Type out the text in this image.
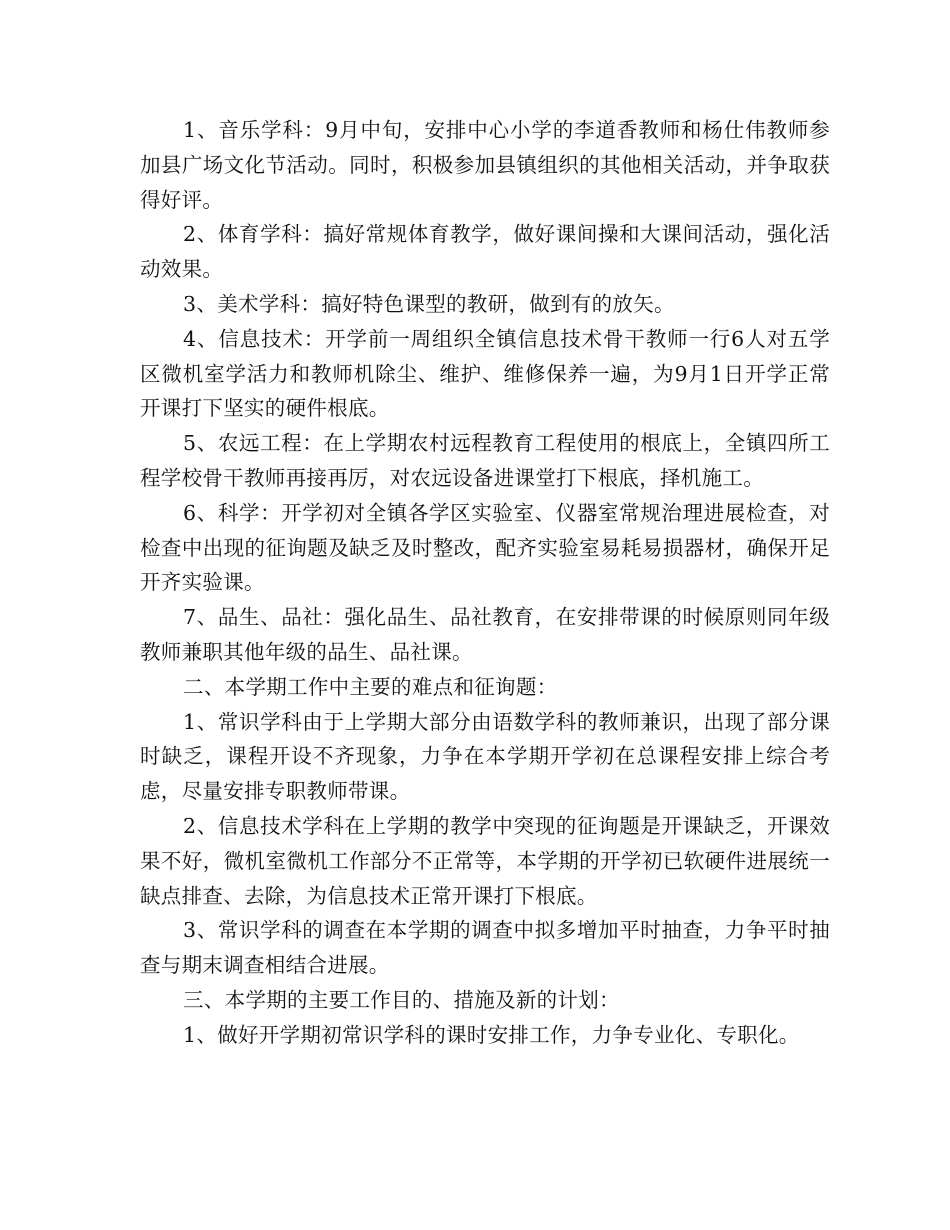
1、音乐学科：9月中旬，安排中心小学的李道香教师和杨仕伟教师参加县广场文化节活动。同时，积极参加县镇组织的其他相关活动，并争取获得好评。

2、体育学科：搞好常规体育教学，做好课间操和大课间活动，强化活动效果。

3、美术学科：搞好特色课型的教研，做到有的放矢。

4、信息技术：开学前一周组织全镇信息技术骨干教师一行6人对五学区微机室学活力和教师机除尘、维护、维修保养一遍，为9月1日开学正常开课打下坚实的硬件根底。

5、农远工程：在上学期农村远程教育工程使用的根底上，全镇四所工程学校骨干教师再接再厉，对农远设备进课堂打下根底，择机施工。

6、科学：开学初对全镇各学区实验室、仪器室常规治理进展检查，对检查中出现的征询题及缺乏及时整改，配齐实验室易耗易损器材，确保开足开齐实验课。

7、品生、品社：强化品生、品社教育，在安排带课的时候原则同年级教师兼职其他年级的品生、品社课。

二、本学期工作中主要的难点和征询题：

1、常识学科由于上学期大部分由语数学科的教师兼识，出现了部分课时缺乏，课程开设不齐现象，力争在本学期开学初在总课程安排上综合考虑，尽量安排专职教师带课。

2、信息技术学科在上学期的教学中突现的征询题是开课缺乏，开课效果不好，微机室微机工作部分不正常等，本学期的开学初已软硬件进展统一缺点排查、去除，为信息技术正常开课打下根底。

3、常识学科的调查在本学期的调查中拟多增加平时抽查，力争平时抽查与期末调查相结合进展。

三、本学期的主要工作目的、措施及新的计划：

1、做好开学期初常识学科的课时安排工作，力争专业化、专职化。
